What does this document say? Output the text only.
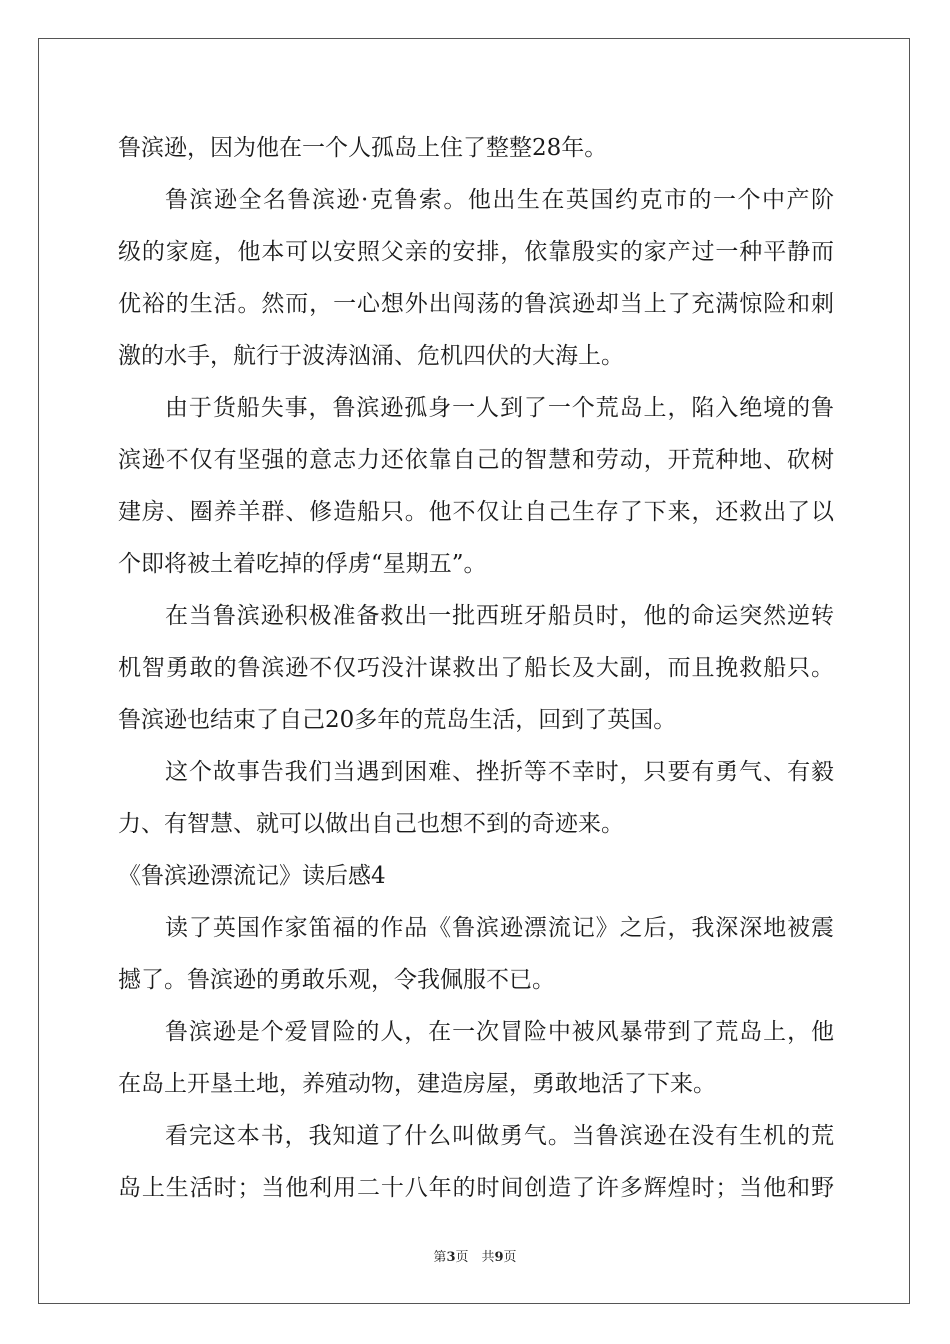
鲁滨逊，因为他在一个人孤岛上住了整整28年。
鲁滨逊全名鲁滨逊·克鲁索。他出生在英国约克市的一个中产阶
级的家庭，他本可以安照父亲的安排，依靠殷实的家产过一种平静而
优裕的生活。然而，一心想外出闯荡的鲁滨逊却当上了充满惊险和刺
激的水手，航行于波涛汹涌、危机四伏的大海上。
由于货船失事，鲁滨逊孤身一人到了一个荒岛上，陷入绝境的鲁
滨逊不仅有坚强的意志力还依靠自己的智慧和劳动，开荒种地、砍树
建房、圈养羊群、修造船只。他不仅让自己生存了下来，还救出了以
个即将被土着吃掉的俘虏“星期五”。
在当鲁滨逊积极准备救出一批西班牙船员时，他的命运突然逆转
机智勇敢的鲁滨逊不仅巧没汁谋救出了船长及大副，而且挽救船只。
鲁滨逊也结束了自己20多年的荒岛生活，回到了英国。
这个故事告我们当遇到困难、挫折等不幸时，只要有勇气、有毅
力、有智慧、就可以做出自己也想不到的奇迹来。
《鲁滨逊漂流记》读后感4
读了英国作家笛福的作品《鲁滨逊漂流记》之后，我深深地被震
撼了。鲁滨逊的勇敢乐观，令我佩服不已。
鲁滨逊是个爱冒险的人，在一次冒险中被风暴带到了荒岛上，他
在岛上开垦土地，养殖动物，建造房屋，勇敢地活了下来。
看完这本书，我知道了什么叫做勇气。当鲁滨逊在没有生机的荒
岛上生活时；当他利用二十八年的时间创造了许多辉煌时；当他和野
第3页　共9页
